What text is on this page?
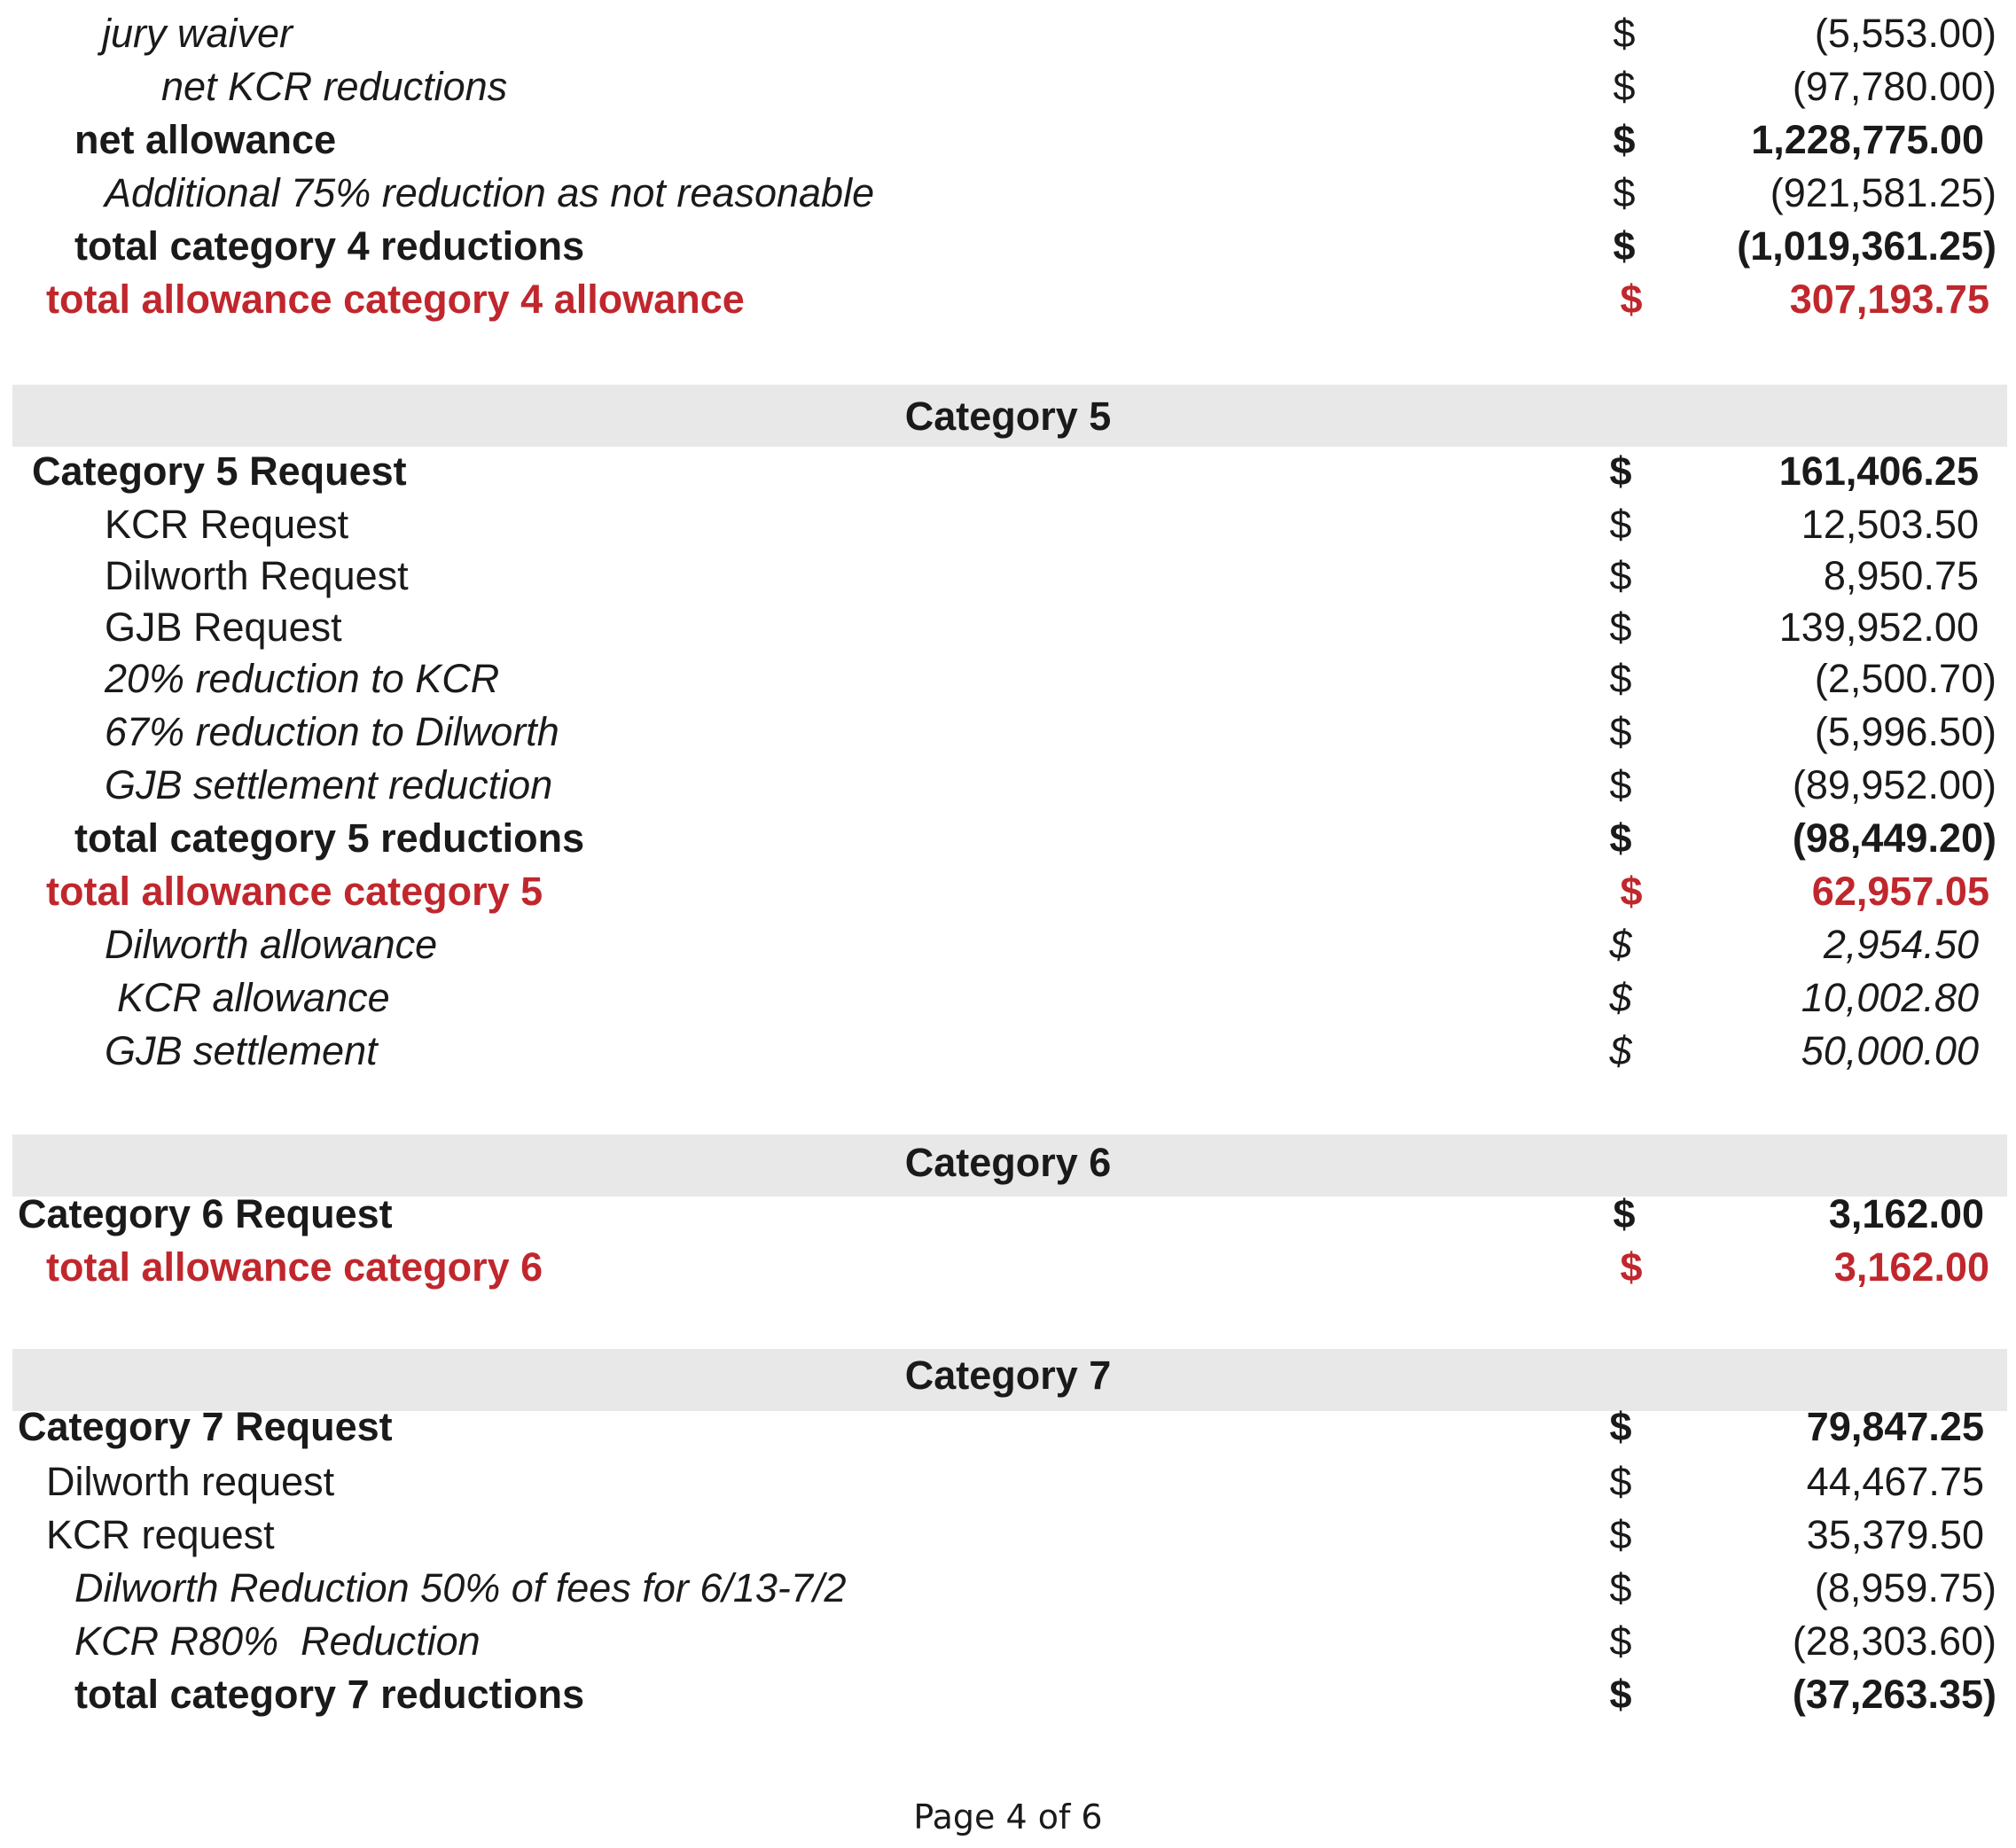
jury waiver	$	(5,553.00)
net KCR reductions	$	(97,780.00)
net allowance	$	1,228,775.00
Additional 75% reduction as not reasonable	$	(921,581.25)
total category 4 reductions	$	(1,019,361.25)
total allowance category 4 allowance	$	307,193.75
Category 5
Category 5 Request	$	161,406.25
KCR Request	$	12,503.50
Dilworth Request	$	8,950.75
GJB Request	$	139,952.00
20% reduction to KCR	$	(2,500.70)
67% reduction to Dilworth	$	(5,996.50)
GJB settlement reduction	$	(89,952.00)
total category 5 reductions	$	(98,449.20)
total allowance category 5	$	62,957.05
Dilworth allowance	$	2,954.50
KCR allowance	$	10,002.80
GJB settlement	$	50,000.00
Category 6
Category 6 Request	$	3,162.00
total allowance category 6	$	3,162.00
Category 7
Category 7 Request	$	79,847.25
Dilworth request	$	44,467.75
KCR request	$	35,379.50
Dilworth Reduction 50% of fees for 6/13-7/2	$	(8,959.75)
KCR R80%  Reduction	$	(28,303.60)
total category 7 reductions	$	(37,263.35)
Page 4 of 6
